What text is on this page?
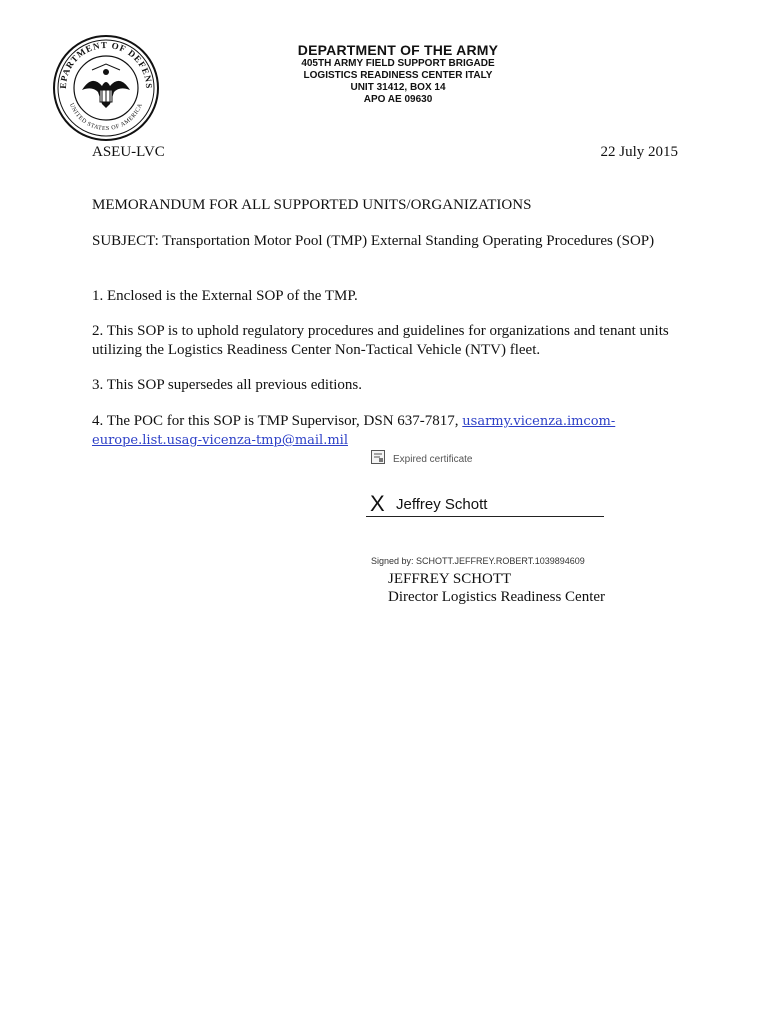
EPARTMENT OF DEFENS
UNITED STATES OF AMERICA
DEPARTMENT OF THE ARMY
405TH ARMY FIELD SUPPORT BRIGADE
LOGISTICS READINESS CENTER ITALY
UNIT 31412, BOX 14
APO AE 09630
ASEU-LVC	22 July 2015
MEMORANDUM FOR ALL SUPPORTED UNITS/ORGANIZATIONS
SUBJECT: Transportation Motor Pool (TMP) External Standing Operating Procedures (SOP)
1. Enclosed is the External SOP of the TMP.
2. This SOP is to uphold regulatory procedures and guidelines for organizations and tenant units utilizing the Logistics Readiness Center Non-Tactical Vehicle (NTV) fleet.
3. This SOP supersedes all previous editions.
4. The POC for this SOP is TMP Supervisor, DSN 637-7817, usarmy.vicenza.imcom-europe.list.usag-vicenza-tmp@mail.mil
Expired certificate
X Jeffrey Schott
Signed by: SCHOTT.JEFFREY.ROBERT.1039894609
JEFFREY SCHOTT
Director Logistics Readiness Center
